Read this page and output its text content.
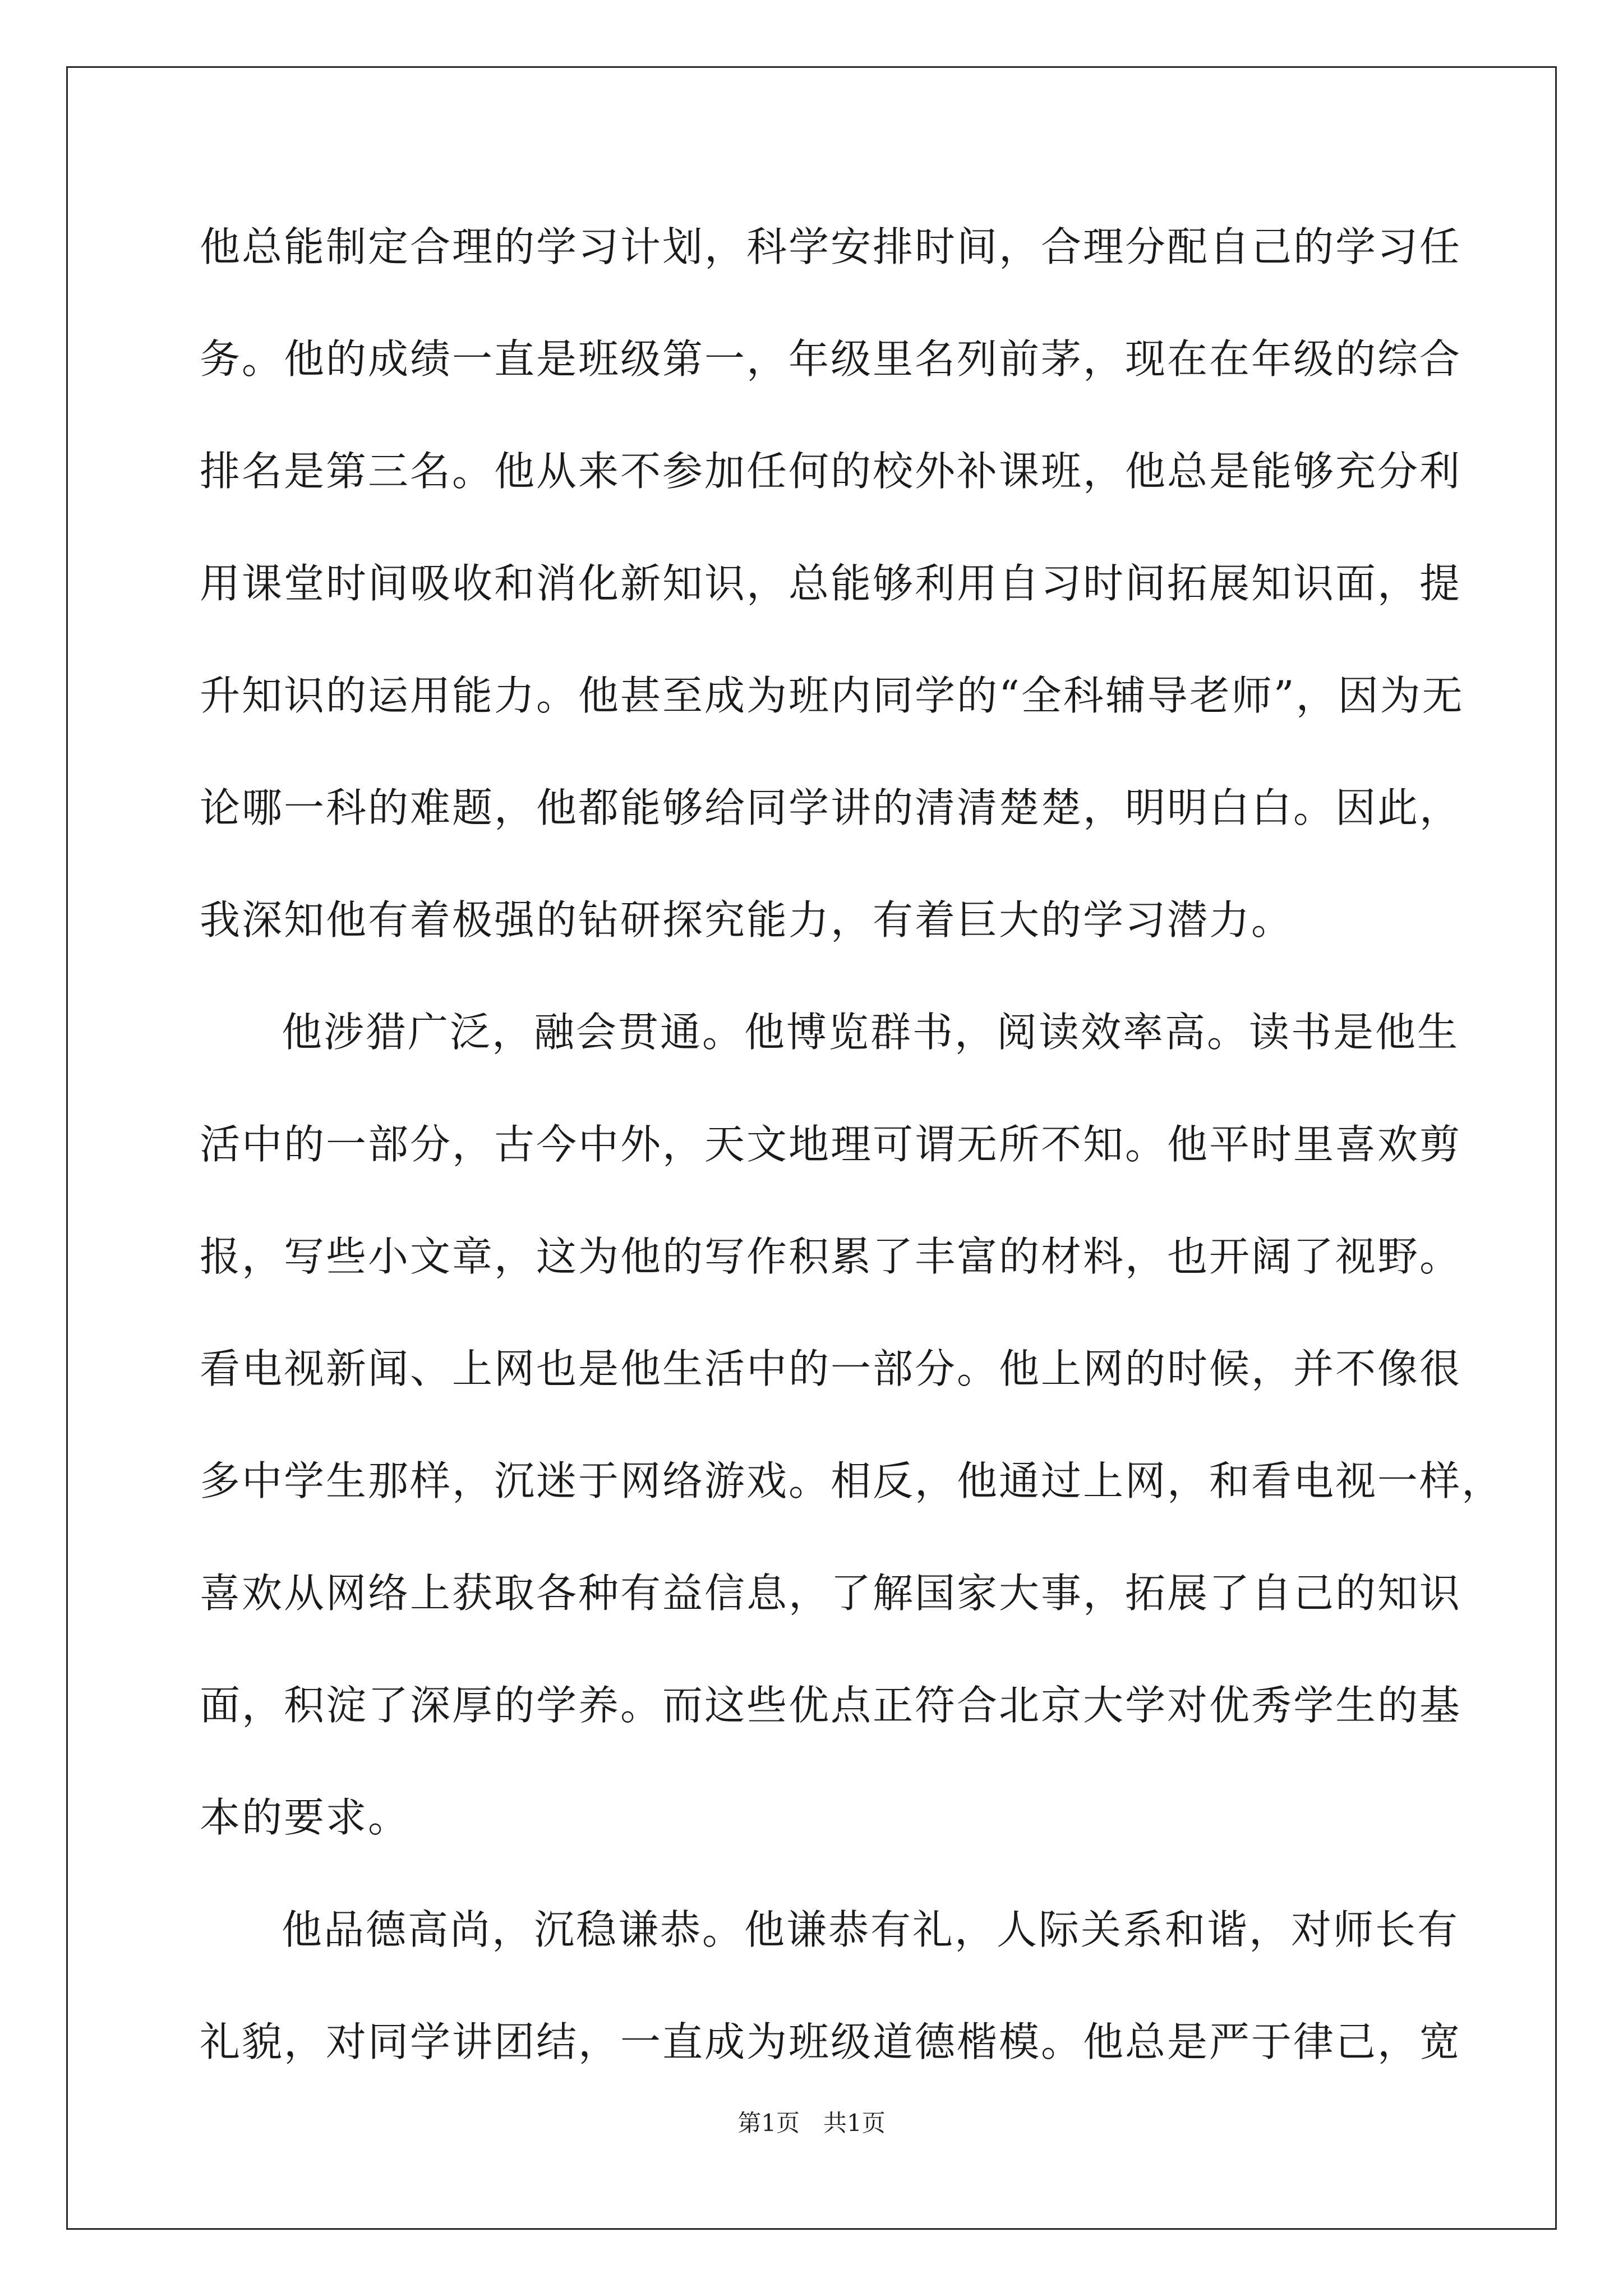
他总能制定合理的学习计划，科学安排时间，合理分配自己的学习任
务。他的成绩一直是班级第一，年级里名列前茅，现在在年级的综合
排名是第三名。他从来不参加任何的校外补课班，他总是能够充分利
用课堂时间吸收和消化新知识，总能够利用自习时间拓展知识面，提
升知识的运用能力。他甚至成为班内同学的“全科辅导老师”，因为无
论哪一科的难题，他都能够给同学讲的清清楚楚，明明白白。因此，
我深知他有着极强的钻研探究能力，有着巨大的学习潜力。
他涉猎广泛，融会贯通。他博览群书，阅读效率高。读书是他生
活中的一部分，古今中外，天文地理可谓无所不知。他平时里喜欢剪
报，写些小文章，这为他的写作积累了丰富的材料，也开阔了视野。
看电视新闻、上网也是他生活中的一部分。他上网的时候，并不像很
多中学生那样，沉迷于网络游戏。相反，他通过上网，和看电视一样，
喜欢从网络上获取各种有益信息，了解国家大事，拓展了自己的知识
面，积淀了深厚的学养。而这些优点正符合北京大学对优秀学生的基
本的要求。
他品德高尚，沉稳谦恭。他谦恭有礼，人际关系和谐，对师长有
礼貌，对同学讲团结，一直成为班级道德楷模。他总是严于律己，宽
第1页　共1页
